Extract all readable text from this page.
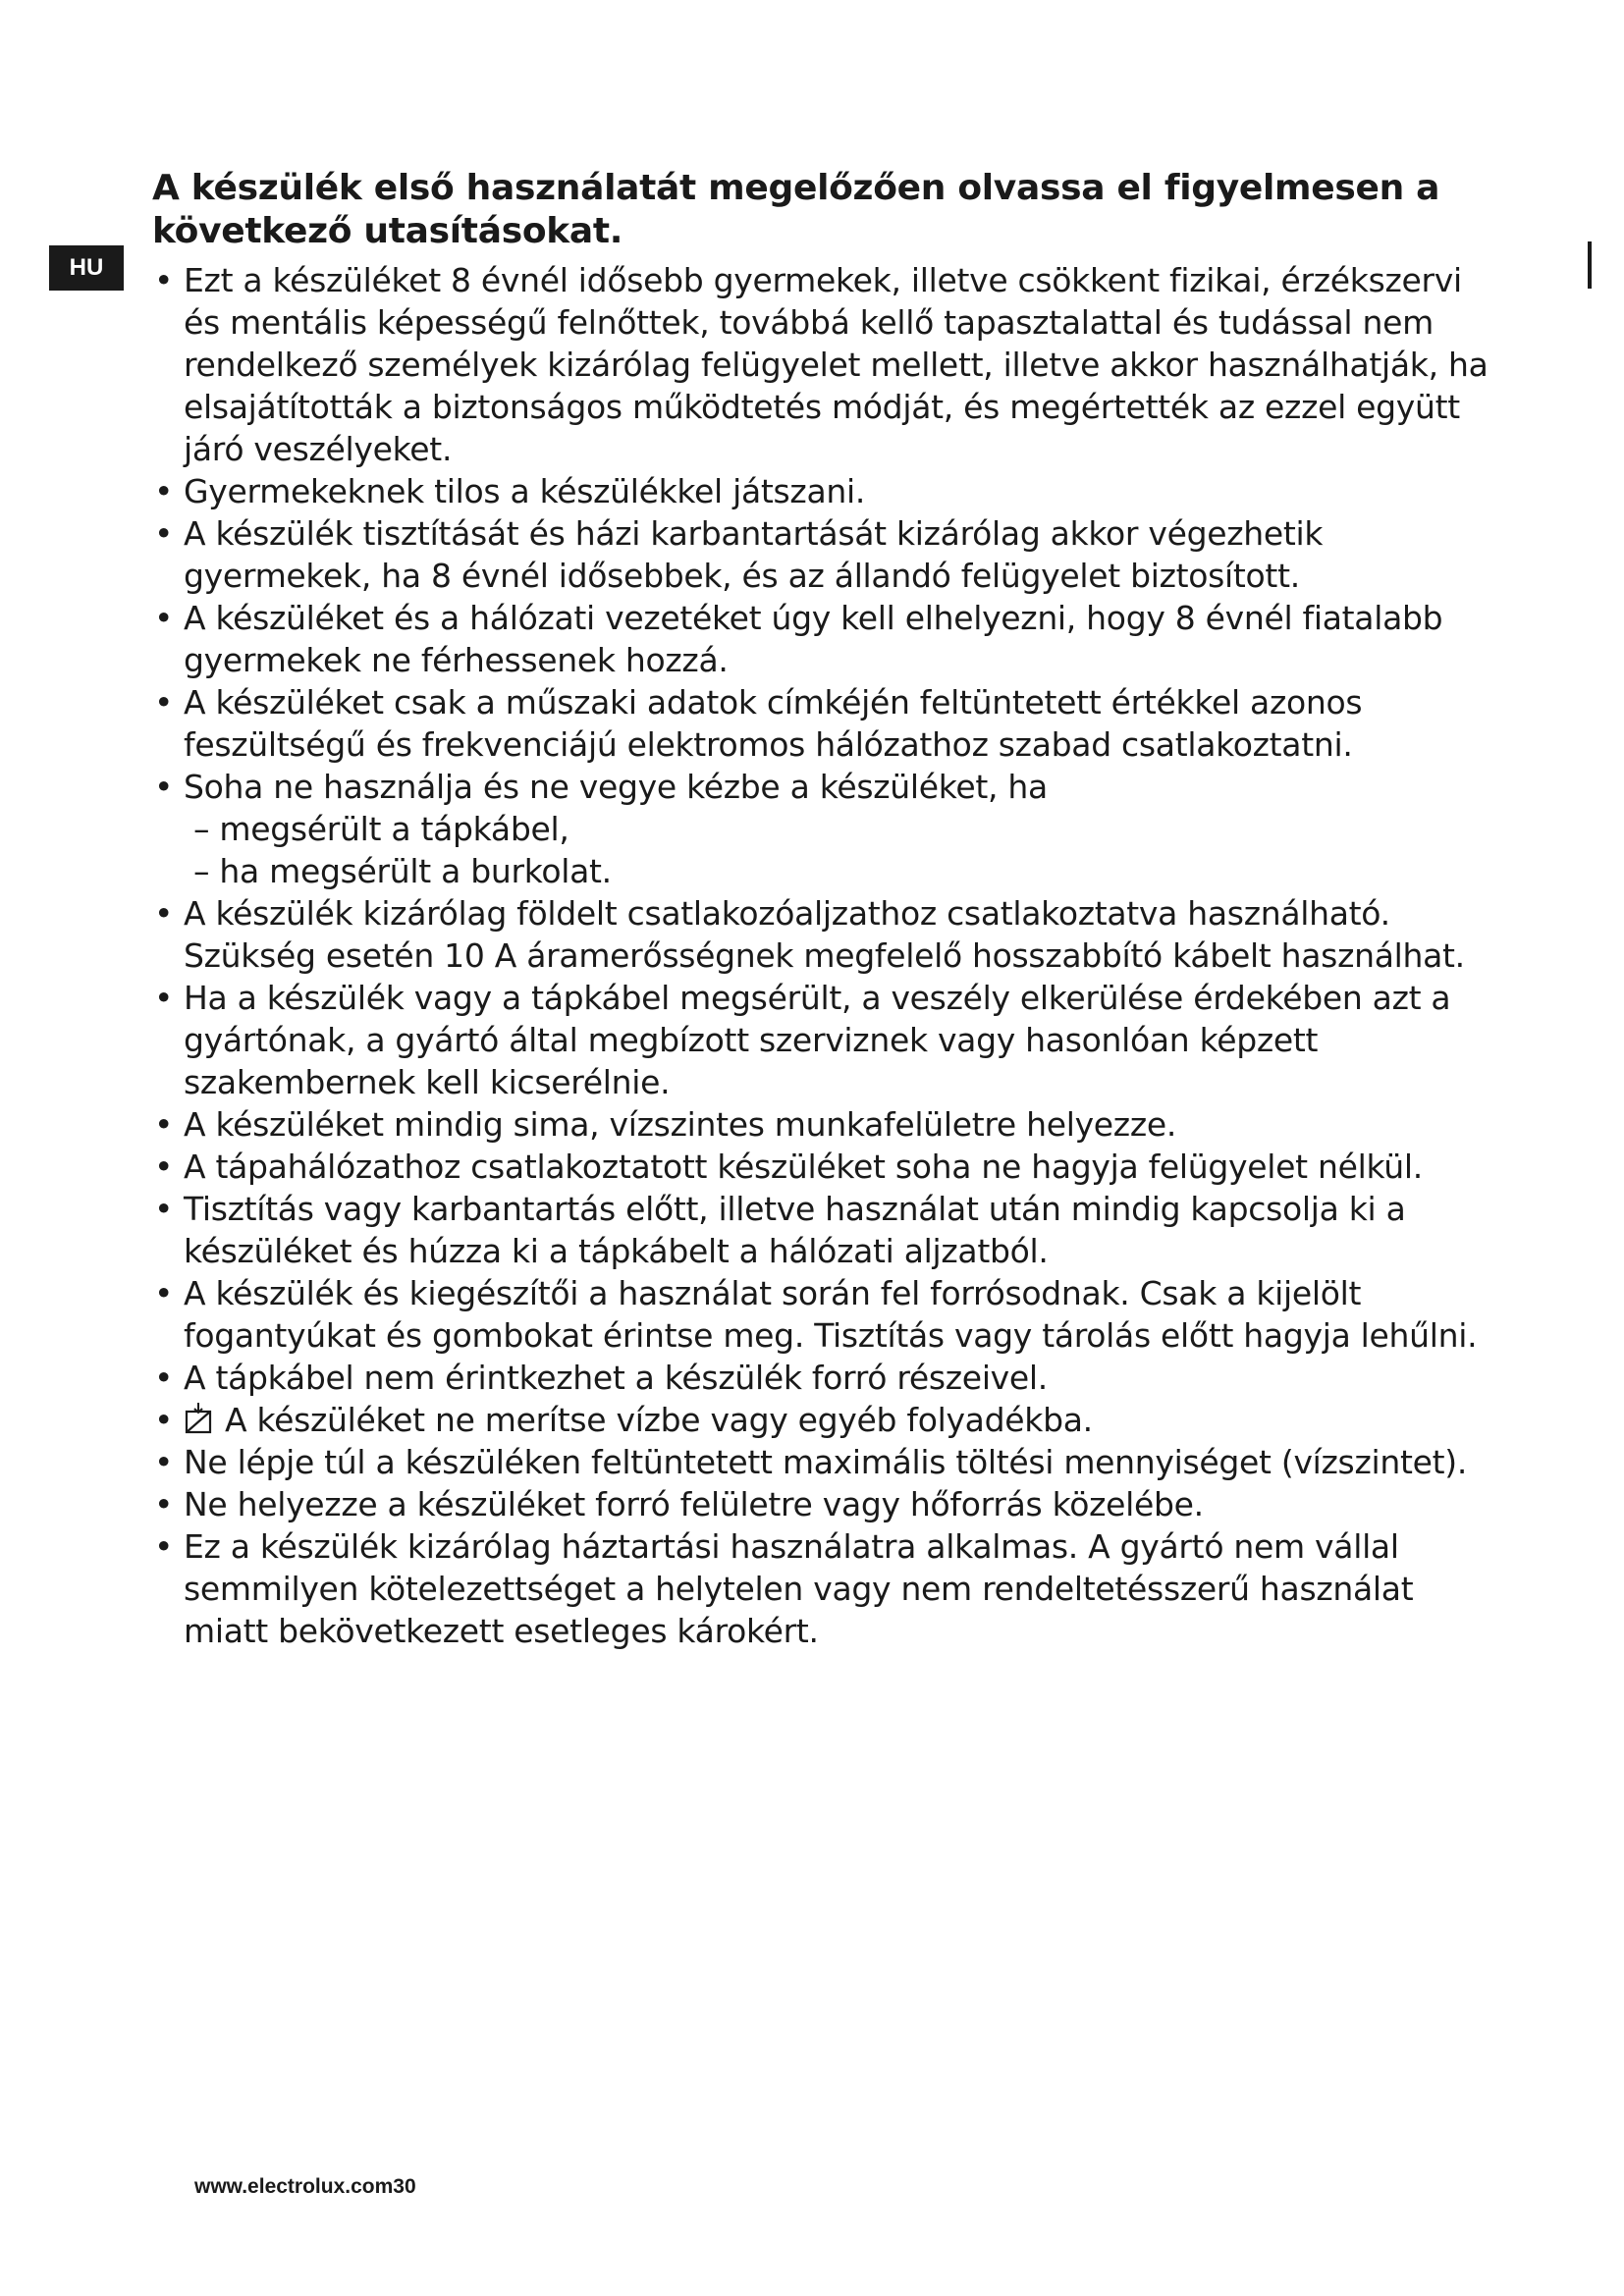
HU
A készülék első használatát megelőzően olvassa el figyelmesen a következő utasításokat.
• Ezt a készüléket 8 évnél idősebb gyermekek, illetve csökkent fizikai, érzékszervi és mentális képességű felnőttek, továbbá kellő tapasztalattal és tudással nem rendelkező személyek kizárólag felügyelet mellett, illetve akkor használhatják, ha elsajátították a biztonságos működtetés módját, és megértették az ezzel együtt járó veszélyeket.
• Gyermekeknek tilos a készülékkel játszani.
• A készülék tisztítását és házi karbantartását kizárólag akkor végezhetik gyermekek, ha 8 évnél idősebbek, és az állandó felügyelet biztosított.
• A készüléket és a hálózati vezetéket úgy kell elhelyezni, hogy 8 évnél fiatalabb gyermekek ne férhessenek hozzá.
• A készüléket csak a műszaki adatok címkéjén feltüntetett értékkel azonos feszültségű és frekvenciájú elektromos hálózathoz szabad csatlakoztatni.
• Soha ne használja és ne vegye kézbe a készüléket, ha
– megsérült a tápkábel,
– ha megsérült a burkolat.
• A készülék kizárólag földelt csatlakozóaljzathoz csatlakoztatva használható. Szükség esetén 10 A áramerősségnek megfelelő hosszabbító kábelt használhat.
• Ha a készülék vagy a tápkábel megsérült, a veszély elkerülése érdekében azt a gyártónak, a gyártó által megbízott szerviznek vagy hasonlóan képzett szakembernek kell kicserélnie.
• A készüléket mindig sima, vízszintes munkafelületre helyezze.
• A tápahálózathoz csatlakoztatott készüléket soha ne hagyja felügyelet nélkül.
• Tisztítás vagy karbantartás előtt, illetve használat után mindig kapcsolja ki a készüléket és húzza ki a tápkábelt a hálózati aljzatból.
• A készülék és kiegészítői a használat során fel forrósodnak. Csak a kijelölt fogantyúkat és gombokat érintse meg. Tisztítás vagy tárolás előtt hagyja lehűlni.
• A tápkábel nem érintkezhet a készülék forró részeivel.
• A készüléket ne merítse vízbe vagy egyéb folyadékba.
• Ne lépje túl a készüléken feltüntetett maximális töltési mennyiséget (vízszintet).
• Ne helyezze a készüléket forró felületre vagy hőforrás közelébe.
• Ez a készülék kizárólag háztartási használatra alkalmas. A gyártó nem vállal semmilyen kötelezettséget a helytelen vagy nem rendeltetésszerű használat miatt bekövetkezett esetleges károkért.
www.electrolux.com30
